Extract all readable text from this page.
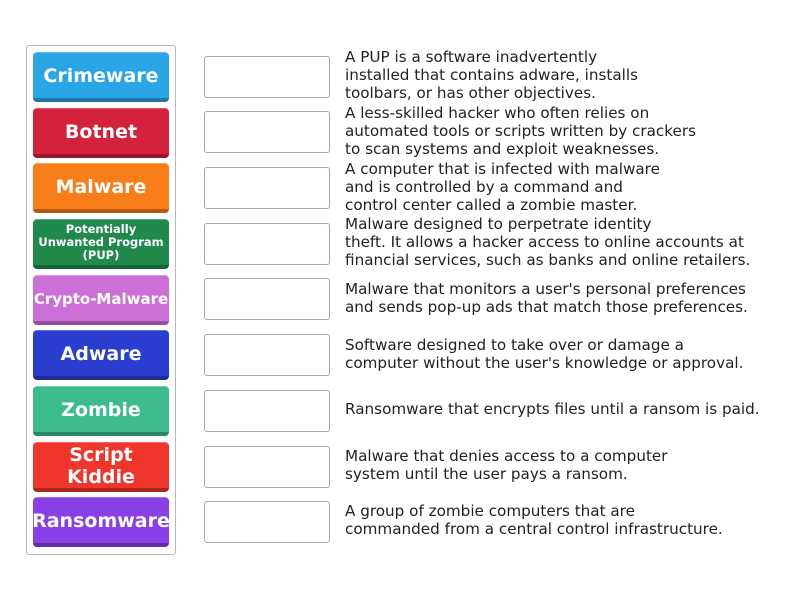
Crimeware
Botnet
Malware
Potentially Unwanted Program (PUP)
Crypto-Malware
Adware
Zombie
Script Kiddie
Ransomware
A PUP is a software inadvertently
installed that contains adware, installs
toolbars, or has other objectives.
A less-skilled hacker who often relies on
automated tools or scripts written by crackers
to scan systems and exploit weaknesses.
A computer that is infected with malware
and is controlled by a command and
control center called a zombie master.
Malware designed to perpetrate identity
theft. It allows a hacker access to online accounts at
financial services, such as banks and online retailers.
Malware that monitors a user's personal preferences
and sends pop-up ads that match those preferences.
Software designed to take over or damage a
computer without the user's knowledge or approval.
Ransomware that encrypts files until a ransom is paid.
Malware that denies access to a computer
system until the user pays a ransom.
A group of zombie computers that are
commanded from a central control infrastructure.
